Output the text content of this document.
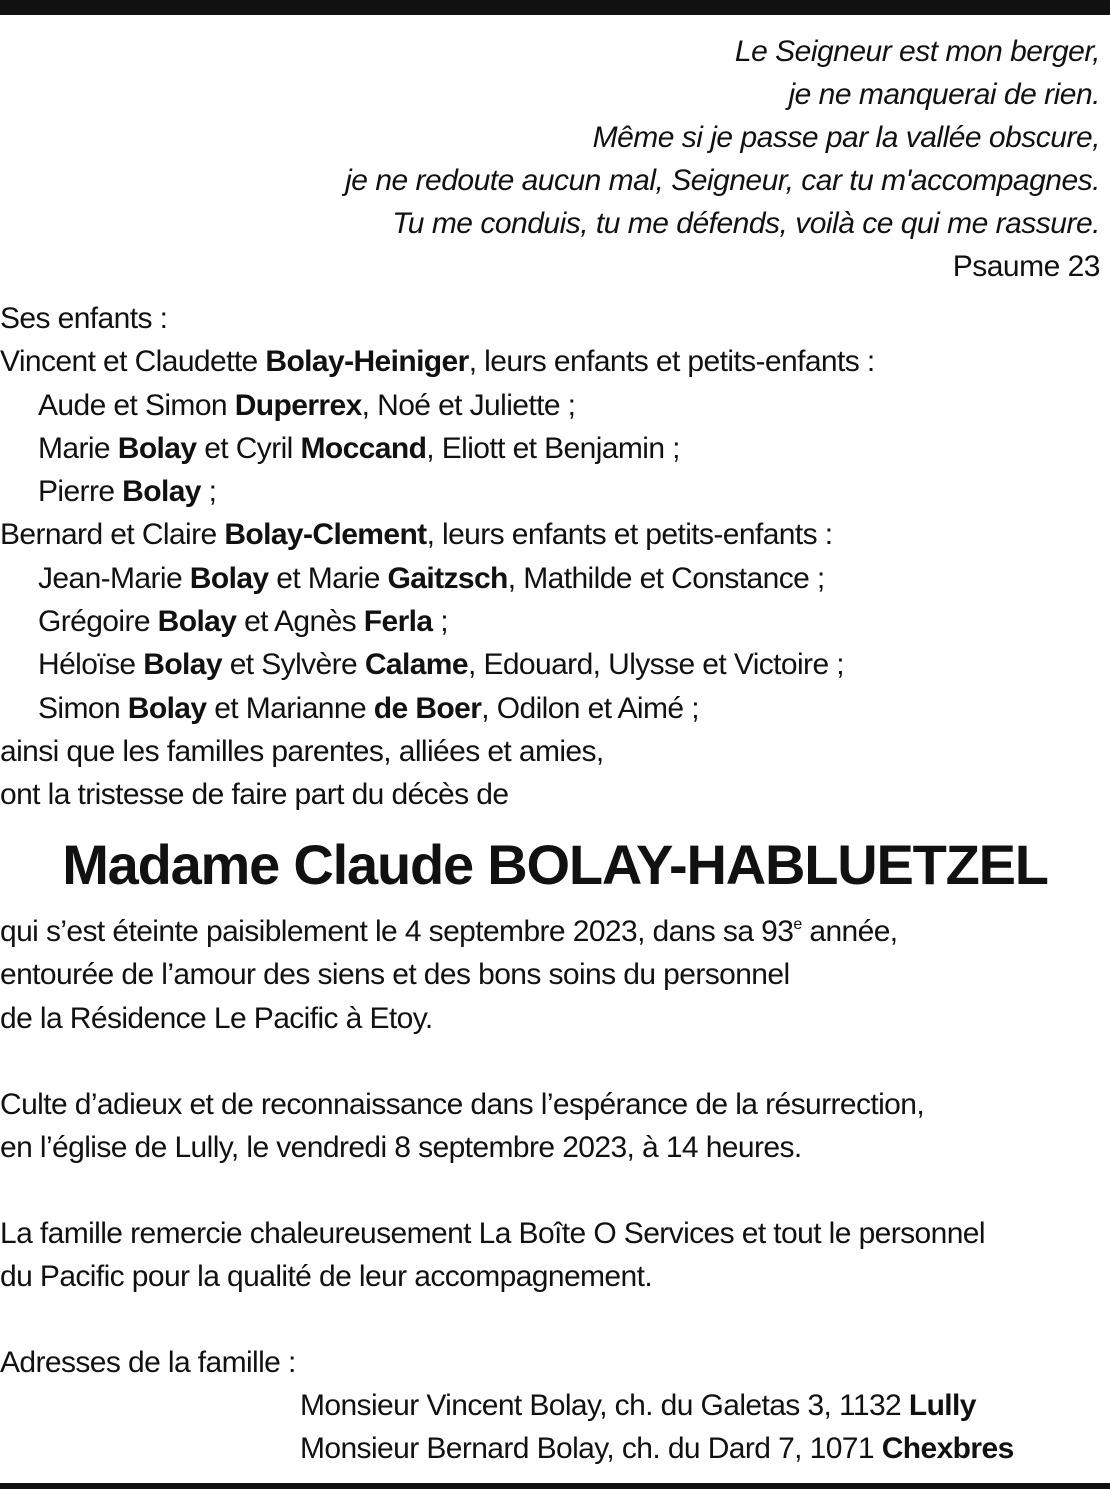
Le Seigneur est mon berger,
je ne manquerai de rien.
Même si je passe par la vallée obscure,
je ne redoute aucun mal, Seigneur, car tu m'accompagnes.
Tu me conduis, tu me défends, voilà ce qui me rassure.
Psaume 23
Ses enfants :
Vincent et Claudette Bolay-Heiniger, leurs enfants et petits-enfants :
Aude et Simon Duperrex, Noé et Juliette ;
Marie Bolay et Cyril Moccand, Eliott et Benjamin ;
Pierre Bolay ;
Bernard et Claire Bolay-Clement, leurs enfants et petits-enfants :
Jean-Marie Bolay et Marie Gaitzsch, Mathilde et Constance ;
Grégoire Bolay et Agnès Ferla ;
Héloïse Bolay et Sylvère Calame, Edouard, Ulysse et Victoire ;
Simon Bolay et Marianne de Boer, Odilon et Aimé ;
ainsi que les familles parentes, alliées et amies,
ont la tristesse de faire part du décès de
Madame Claude BOLAY-HABLUETZEL
qui s’est éteinte paisiblement le 4 septembre 2023, dans sa 93e année,
entourée de l’amour des siens et des bons soins du personnel
de la Résidence Le Pacific à Etoy.
Culte d’adieux et de reconnaissance dans l’espérance de la résurrection,
en l’église de Lully, le vendredi 8 septembre 2023, à 14 heures.
La famille remercie chaleureusement La Boîte O Services et tout le personnel
du Pacific pour la qualité de leur accompagnement.
Adresses de la famille :
Monsieur Vincent Bolay, ch. du Galetas 3, 1132 Lully
Monsieur Bernard Bolay, ch. du Dard 7, 1071 Chexbres
